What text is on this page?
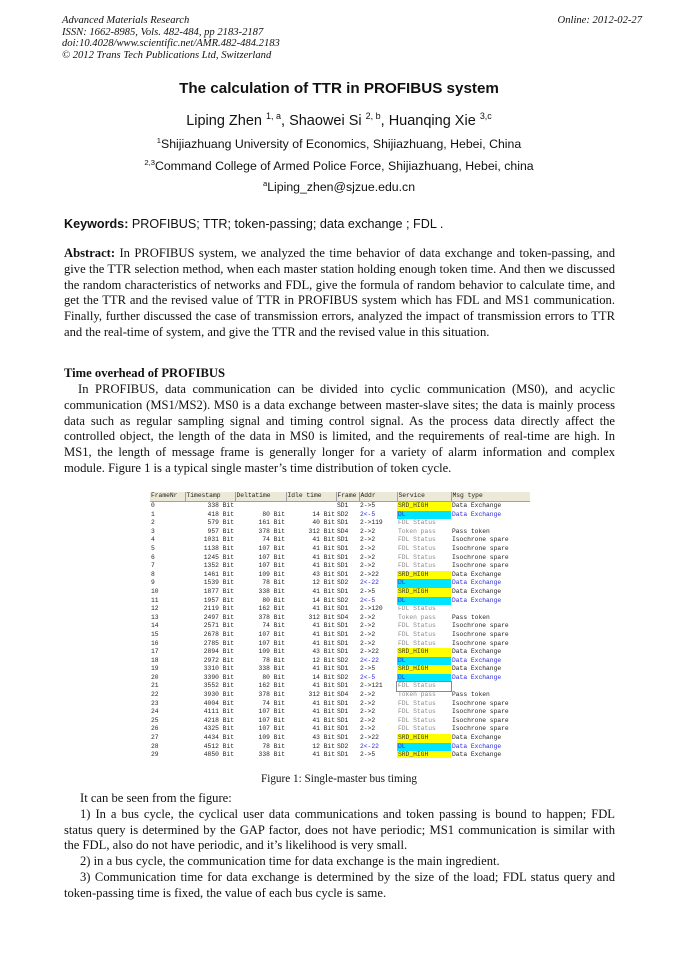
Advanced Materials Research
ISSN: 1662-8985, Vols. 482-484, pp 2183-2187
doi:10.4028/www.scientific.net/AMR.482-484.2183
© 2012 Trans Tech Publications Ltd, Switzerland
Online: 2012-02-27
The calculation of TTR in PROFIBUS system
Liping Zhen $^{1, a}$, Shaowei Si $^{2, b}$, Huanqing Xie $^{3,c}$
$^1$Shijiazhuang University of Economics, Shijiazhuang, Hebei, China
$^{2,3}$Command College of Armed Police Force, Shijiazhuang, Hebei, china
$^a$Liping_zhen@sjzue.edu.cn
Keywords: PROFIBUS; TTR; token-passing; data exchange ; FDL .
Abstract: In PROFIBUS system, we analyzed the time behavior of data exchange and token-passing, and give the TTR selection method, when each master station holding enough token time. And then we discussed the random characteristics of networks and FDL, give the formula of random behavior to calculate time, and get the TTR and the revised value of TTR in PROFIBUS system which has FDL and MS1 communication. Finally, further discussed the case of transmission errors, analyzed the impact of transmission errors to TTR and the real-time of system, and give the TTR and the revised value in this situation.
Time overhead of PROFIBUS
In PROFIBUS, data communication can be divided into cyclic communication (MS0), and acyclic communication (MS1/MS2). MS0 is a data exchange between master-slave sites; the data is mainly process data such as regular sampling signal and timing control signal. As the process data directly affect the controlled object, the length of the data in MS0 is limited, and the requirements of real-time are high. In MS1, the length of message frame is generally longer for a variety of alarm information and complex module. Figure 1 is a typical single master’s time distribution of token cycle.
FrameNr	Timestamp	Deltatime	Idle time	Frame	Addr	Service	Msg type
0	338 Bit			SD1	2->5	SRD_HIGH	Data Exchange
1	418 Bit	80 Bit	14 Bit	SD2	2<-5	DL	Data Exchange
2	579 Bit	161 Bit	40 Bit	SD1	2->119	FDL Status	
3	957 Bit	378 Bit	312 Bit	SD4	2->2	Token pass	Pass token
4	1031 Bit	74 Bit	41 Bit	SD1	2->2	FDL Status	Isochrone spare
5	1138 Bit	107 Bit	41 Bit	SD1	2->2	FDL Status	Isochrone spare
6	1245 Bit	107 Bit	41 Bit	SD1	2->2	FDL Status	Isochrone spare
7	1352 Bit	107 Bit	41 Bit	SD1	2->2	FDL Status	Isochrone spare
8	1461 Bit	109 Bit	43 Bit	SD1	2->22	SRD_HIGH	Data Exchange
9	1539 Bit	78 Bit	12 Bit	SD2	2<-22	DL	Data Exchange
10	1877 Bit	338 Bit	41 Bit	SD1	2->5	SRD_HIGH	Data Exchange
11	1957 Bit	80 Bit	14 Bit	SD2	2<-5	DL	Data Exchange
12	2119 Bit	162 Bit	41 Bit	SD1	2->120	FDL Status	
13	2497 Bit	378 Bit	312 Bit	SD4	2->2	Token pass	Pass token
14	2571 Bit	74 Bit	41 Bit	SD1	2->2	FDL Status	Isochrone spare
15	2678 Bit	107 Bit	41 Bit	SD1	2->2	FDL Status	Isochrone spare
16	2785 Bit	107 Bit	41 Bit	SD1	2->2	FDL Status	Isochrone spare
17	2894 Bit	109 Bit	43 Bit	SD1	2->22	SRD_HIGH	Data Exchange
18	2972 Bit	78 Bit	12 Bit	SD2	2<-22	DL	Data Exchange
19	3310 Bit	338 Bit	41 Bit	SD1	2->5	SRD_HIGH	Data Exchange
20	3390 Bit	80 Bit	14 Bit	SD2	2<-5	DL	Data Exchange
21	3552 Bit	162 Bit	41 Bit	SD1	2->121	FDL Status	
22	3930 Bit	378 Bit	312 Bit	SD4	2->2	Token pass	Pass token
23	4004 Bit	74 Bit	41 Bit	SD1	2->2	FDL Status	Isochrone spare
24	4111 Bit	107 Bit	41 Bit	SD1	2->2	FDL Status	Isochrone spare
25	4218 Bit	107 Bit	41 Bit	SD1	2->2	FDL Status	Isochrone spare
26	4325 Bit	107 Bit	41 Bit	SD1	2->2	FDL Status	Isochrone spare
27	4434 Bit	109 Bit	43 Bit	SD1	2->22	SRD_HIGH	Data Exchange
28	4512 Bit	78 Bit	12 Bit	SD2	2<-22	DL	Data Exchange
29	4850 Bit	338 Bit	41 Bit	SD1	2->5	SRD_HIGH	Data Exchange
Figure 1: Single-master bus timing
It can be seen from the figure:
1) In a bus cycle, the cyclical user data communications and token passing is bound to happen; FDL status query is determined by the GAP factor, does not have periodic; MS1 communication is similar with the FDL, also do not have periodic, and it’s likelihood is very small.
2) in a bus cycle, the communication time for data exchange is the main ingredient.
3) Communication time for data exchange is determined by the size of the load; FDL status query and token-passing time is fixed, the value of each bus cycle is same.
